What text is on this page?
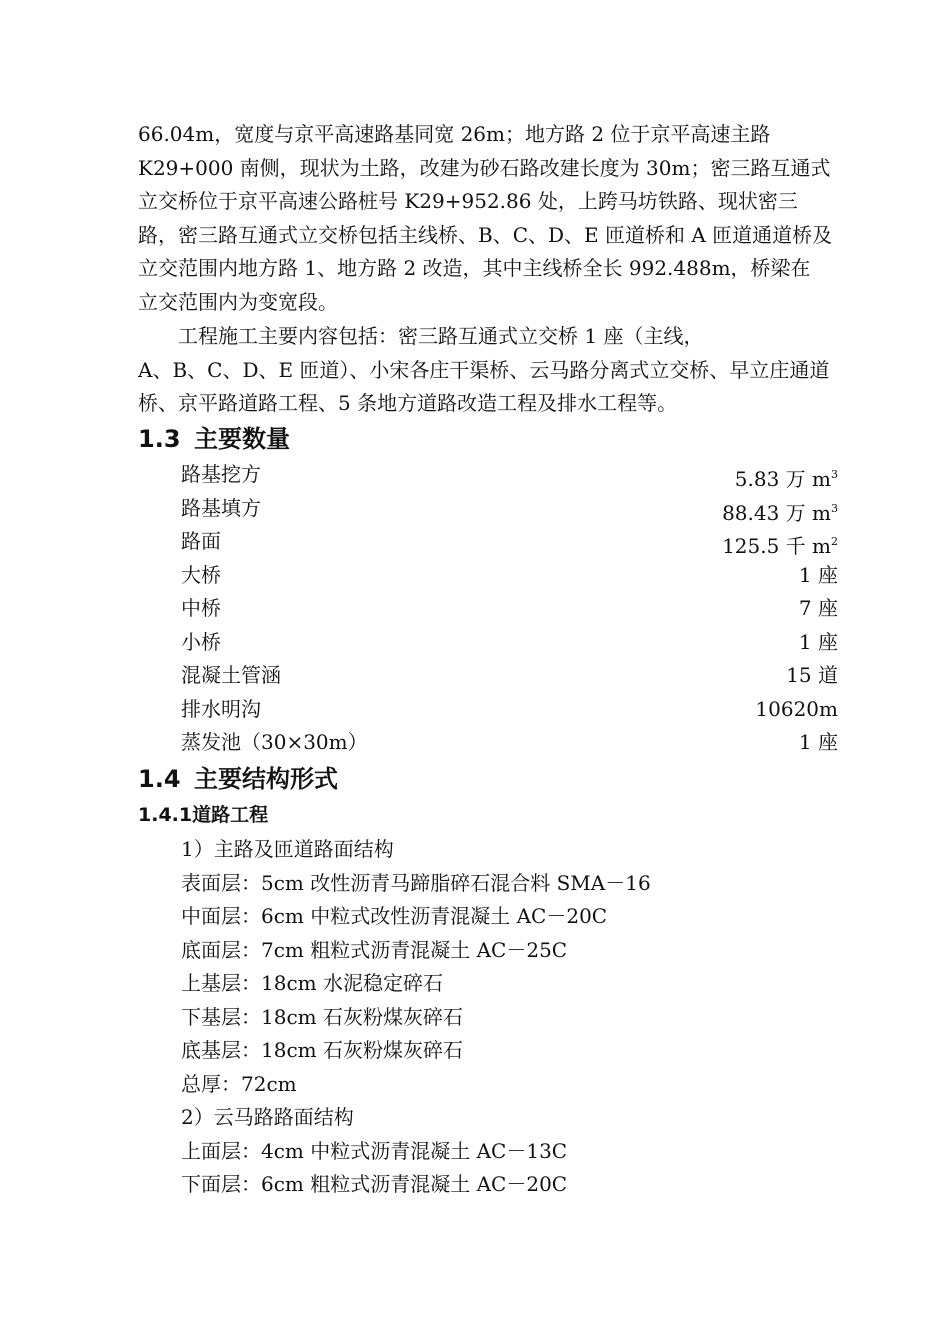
66.04m，宽度与京平高速路基同宽 26m；地方路 2 位于京平高速主路
K29+000 南侧，现状为土路，改建为砂石路改建长度为 30m；密三路互通式
立交桥位于京平高速公路桩号 K29+952.86 处，上跨马坊铁路、现状密三
路，密三路互通式立交桥包括主线桥、B、C、D、E 匝道桥和 A 匝道通道桥及
立交范围内地方路 1、地方路 2 改造，其中主线桥全长 992.488m，桥梁在
立交范围内为变宽段。

　　工程施工主要内容包括：密三路互通式立交桥 1 座（主线，
A、B、C、D、E 匝道）、小宋各庄干渠桥、云马路分离式立交桥、早立庄通道
桥、京平路道路工程、5 条地方道路改造工程及排水工程等。

1.3 主要数量
路基挖方	5.83 万 $m^3$
路基填方	88.43 万 $m^3$
路面	125.5 千 $m^2$
大桥	1 座
中桥	7 座
小桥	1 座
混凝土管涵	15 道
排水明沟	10620m
蒸发池（30×30m）	1 座
1.4 主要结构形式
1.4.1道路工程
1）主路及匝道路面结构
表面层：5cm 改性沥青马蹄脂碎石混合料 SMA－16
中面层：6cm 中粒式改性沥青混凝土 AC－20C
底面层：7cm 粗粒式沥青混凝土 AC－25C
上基层：18cm 水泥稳定碎石
下基层：18cm 石灰粉煤灰碎石
底基层：18cm 石灰粉煤灰碎石
总厚：72cm
2）云马路路面结构
上面层：4cm 中粒式沥青混凝土 AC－13C
下面层：6cm 粗粒式沥青混凝土 AC－20C
